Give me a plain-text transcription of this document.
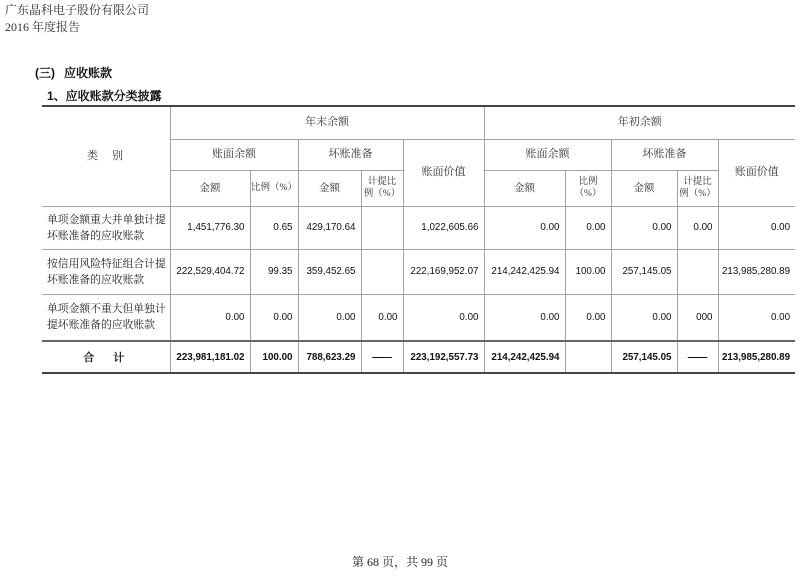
广东晶科电子股份有限公司
2016 年度报告
(三) 应收账款
1、应收账款分类披露
类　别	年末余额					年初余额				
	账面余额		坏账准备		账面价值	账面余额		坏账准备		账面价值
	金额	比例（%）	金额	计提比例（%）		金额	比例（%）	金额	计提比例（%）	
单项金额重大并单独计提坏账准备的应收账款	1,451,776.30	0.65	429,170.64		1,022,605.66	0.00	0.00	0.00	0.00	0.00
按信用风险特征组合计提坏账准备的应收账款	222,529,404.72	99.35	359,452.65		222,169,952.07	214,242,425.94	100.00	257,145.05		213,985,280.89
单项金额不重大但单独计提坏账准备的应收账款	0.00	0.00	0.00	0.00	0.00	0.00	0.00	0.00	000	0.00
合　计	223,981,181.02	100.00	788,623.29	——	223,192,557.73	214,242,425.94		257,145.05	——	213,985,280.89
第 68 页，共 99 页
